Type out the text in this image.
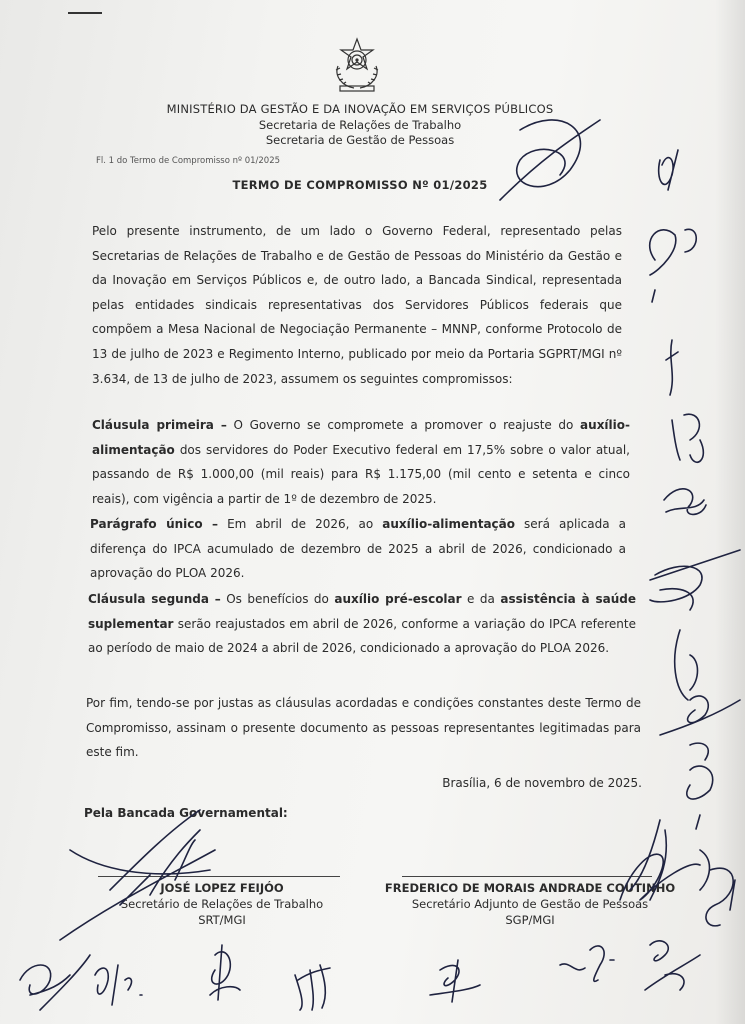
MINISTÉRIO DA GESTÃO E DA INOVAÇÃO EM SERVIÇOS PÚBLICOS
Secretaria de Relações de Trabalho
Secretaria de Gestão de Pessoas
Fl. 1 do Termo de Compromisso nº 01/2025
TERMO DE COMPROMISSO Nº 01/2025
Pelo presente instrumento, de um lado o Governo Federal, representado pelas Secretarias de Relações de Trabalho e de Gestão de Pessoas do Ministério da Gestão e da Inovação em Serviços Públicos e, de outro lado, a Bancada Sindical, representada pelas entidades sindicais representativas dos Servidores Públicos federais que compõem a Mesa Nacional de Negociação Permanente – MNNP, conforme Protocolo de 13 de julho de 2023 e Regimento Interno, publicado por meio da Portaria SGPRT/MGI nº 3.634, de 13 de julho de 2023, assumem os seguintes compromissos:
Cláusula primeira – O Governo se compromete a promover o reajuste do auxílio-alimentação dos servidores do Poder Executivo federal em 17,5% sobre o valor atual, passando de R$ 1.000,00 (mil reais) para R$ 1.175,00 (mil cento e setenta e cinco reais), com vigência a partir de 1º de dezembro de 2025.
Parágrafo único – Em abril de 2026, ao auxílio-alimentação será aplicada a diferença do IPCA acumulado de dezembro de 2025 a abril de 2026, condicionado a aprovação do PLOA 2026.
Cláusula segunda – Os benefícios do auxílio pré-escolar e da assistência à saúde suplementar serão reajustados em abril de 2026, conforme a variação do IPCA referente ao período de maio de 2024 a abril de 2026, condicionado a aprovação do PLOA 2026.
Por fim, tendo-se por justas as cláusulas acordadas e condições constantes deste Termo de Compromisso, assinam o presente documento as pessoas representantes legitimadas para este fim.
Brasília, 6 de novembro de 2025.
Pela Bancada Governamental:
JOSÉ LOPEZ FEIJÓO
Secretário de Relações de Trabalho
SRT/MGI
FREDERICO DE MORAIS ANDRADE COUTINHO
Secretário Adjunto de Gestão de Pessoas
SGP/MGI
